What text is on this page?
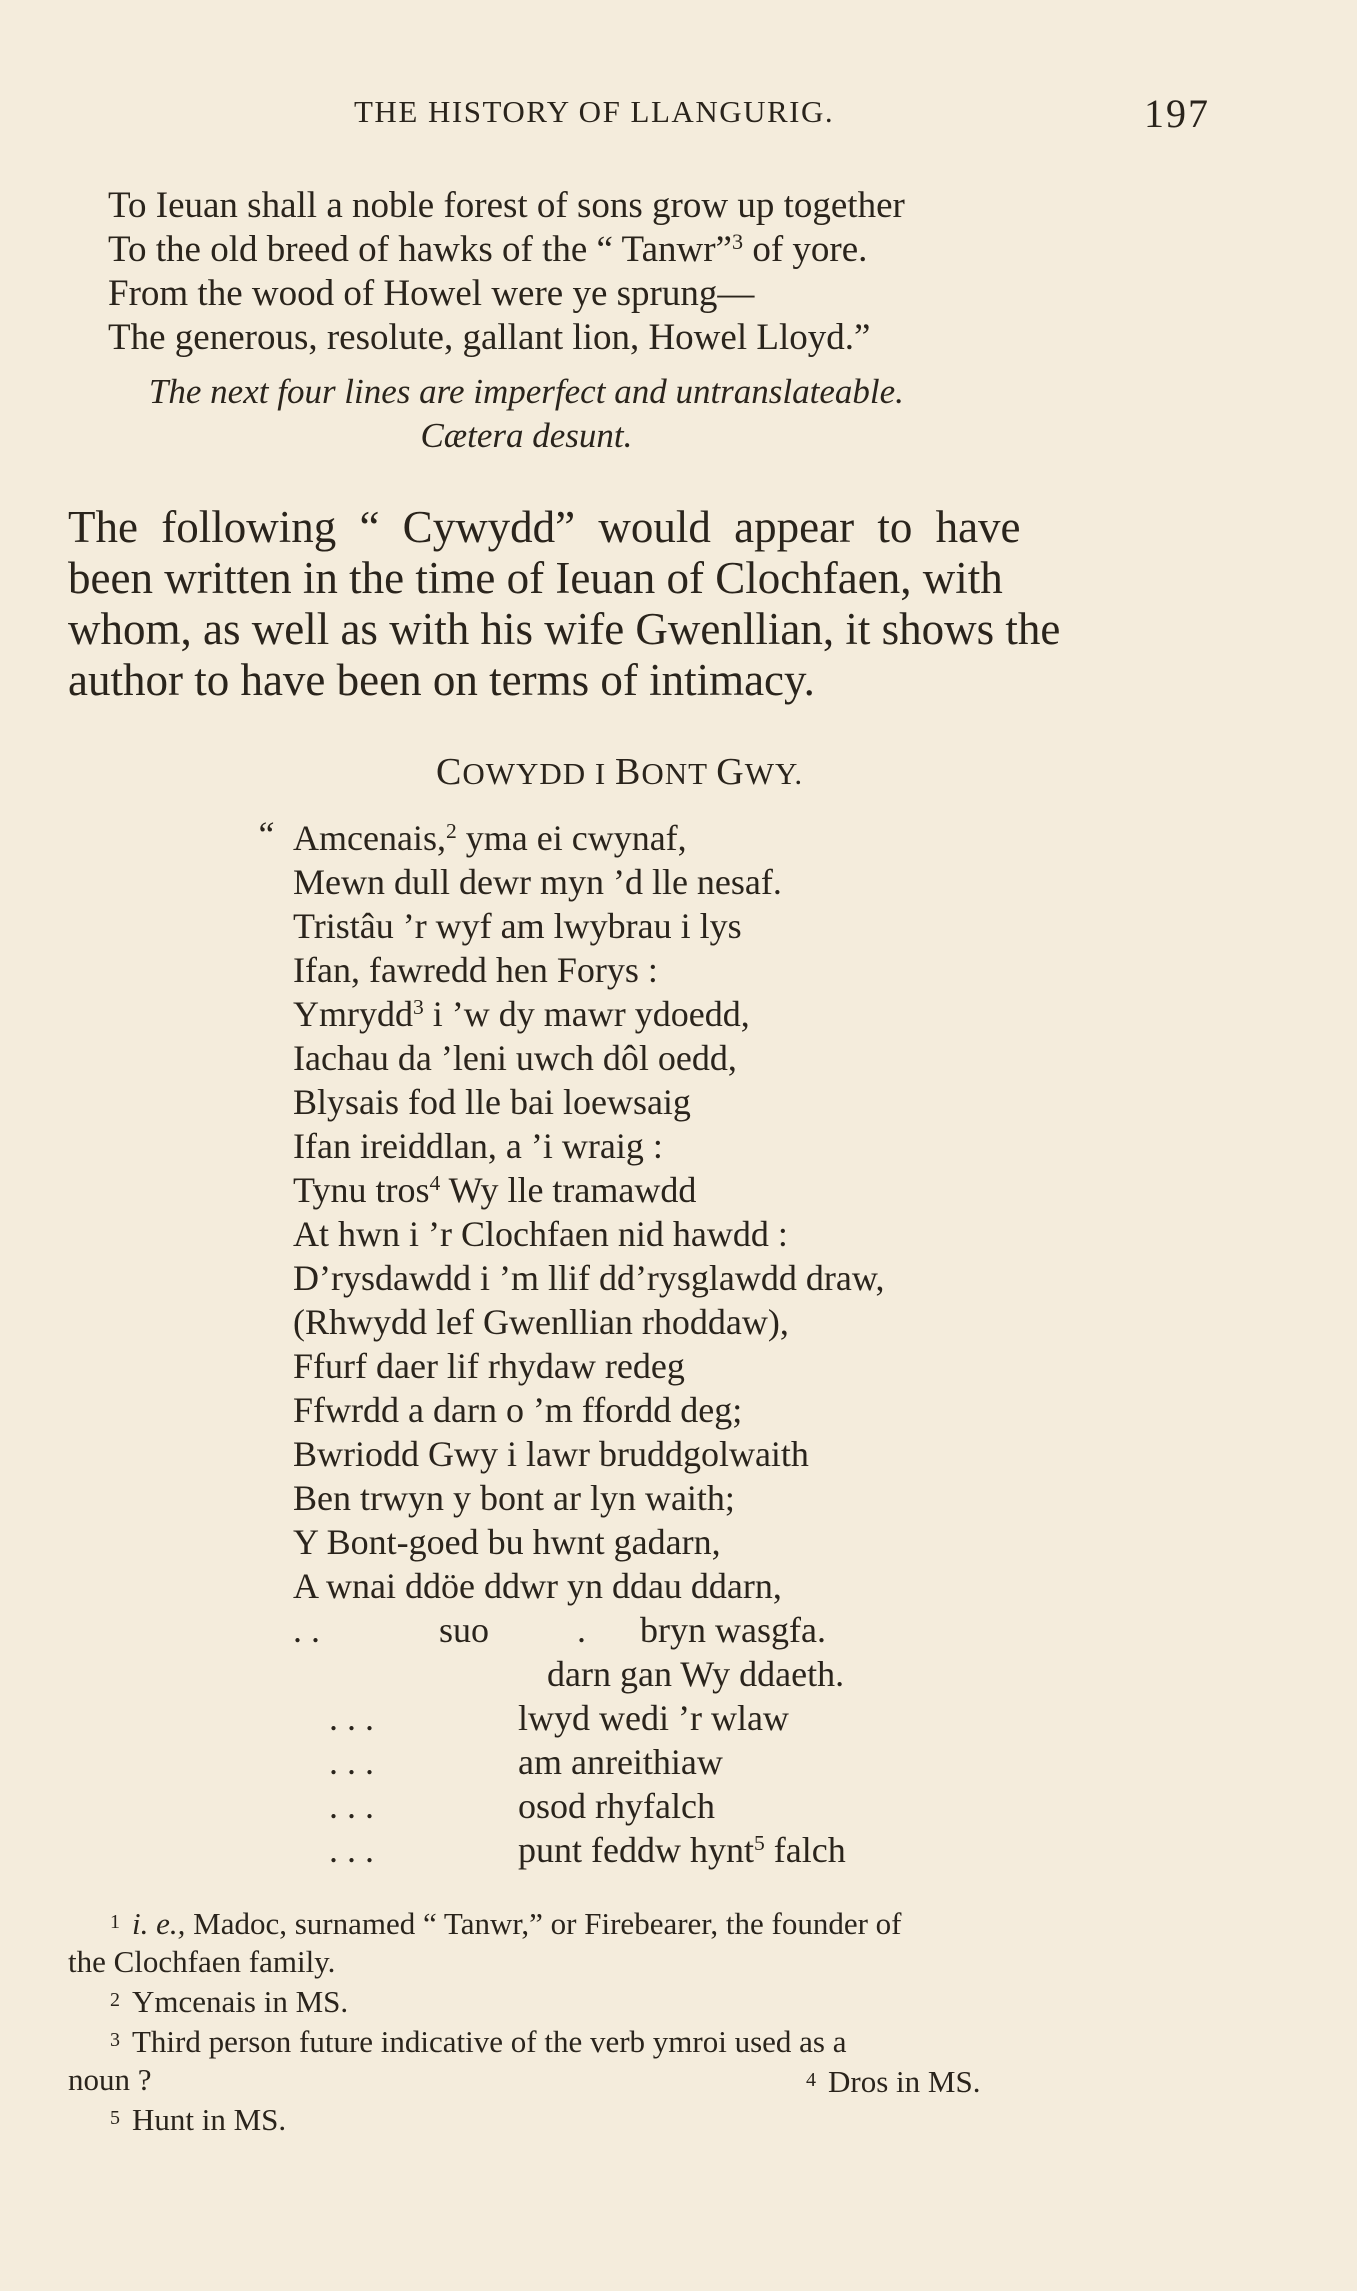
THE HISTORY OF LLANGURIG.	197
To Ieuan shall a noble forest of sons grow up together
To the old breed of hawks of the “ Tanwr”$^3$ of yore.
From the wood of Howel were ye sprung—
The generous, resolute, gallant lion, Howel Lloyd.”
The next four lines are imperfect and untranslateable.
Cætera desunt.
The following “ Cywydd” would appear to have
been written in the time of Ieuan of Clochfaen, with
whom, as well as with his wife Gwenllian, it shows the
author to have been on terms of intimacy.
COWYDD I BONT GWY.
“ Amcenais,$^2$ yma ei cwynaf,
Mewn dull dewr myn ’d lle nesaf.
Tristâu ’r wyf am lwybrau i lys
Ifan, fawredd hen Forys :
Ymrydd$^3$ i ’w dy mawr ydoedd,
Iachau da ’leni uwch dôl oedd,
Blysais fod lle bai loewsaig
Ifan ireiddlan, a ’i wraig :
Tynu tros$^4$ Wy lle tramawdd
At hwn i ’r Clochfaen nid hawdd :
D’rysdawdd i ’m llif dd’rysglawdd draw,
(Rhwydd lef Gwenllian rhoddaw),
Ffurf daer lif rhydaw redeg
Ffwrdd a darn o ’m ffordd deg;
Bwriodd Gwy i lawr bruddgolwaith
Ben trwyn y bont ar lyn waith;
Y Bont-goed bu hwnt gadarn,
A wnai ddöe ddwr yn ddau ddarn,
. .	suo . bryn wasgfa.
darn gan Wy ddaeth.
. . .	lwyd wedi ’r wlaw
. . .	am anreithiaw
. . .	osod rhyfalch
. . .	punt feddw hynt$^5$ falch
1 i. e., Madoc, surnamed “ Tanwr,” or Firebearer, the founder of
the Clochfaen family.
2 Ymcenais in MS.
3 Third person future indicative of the verb ymroi used as a
noun ?	4 Dros in MS.
5 Hunt in MS.
